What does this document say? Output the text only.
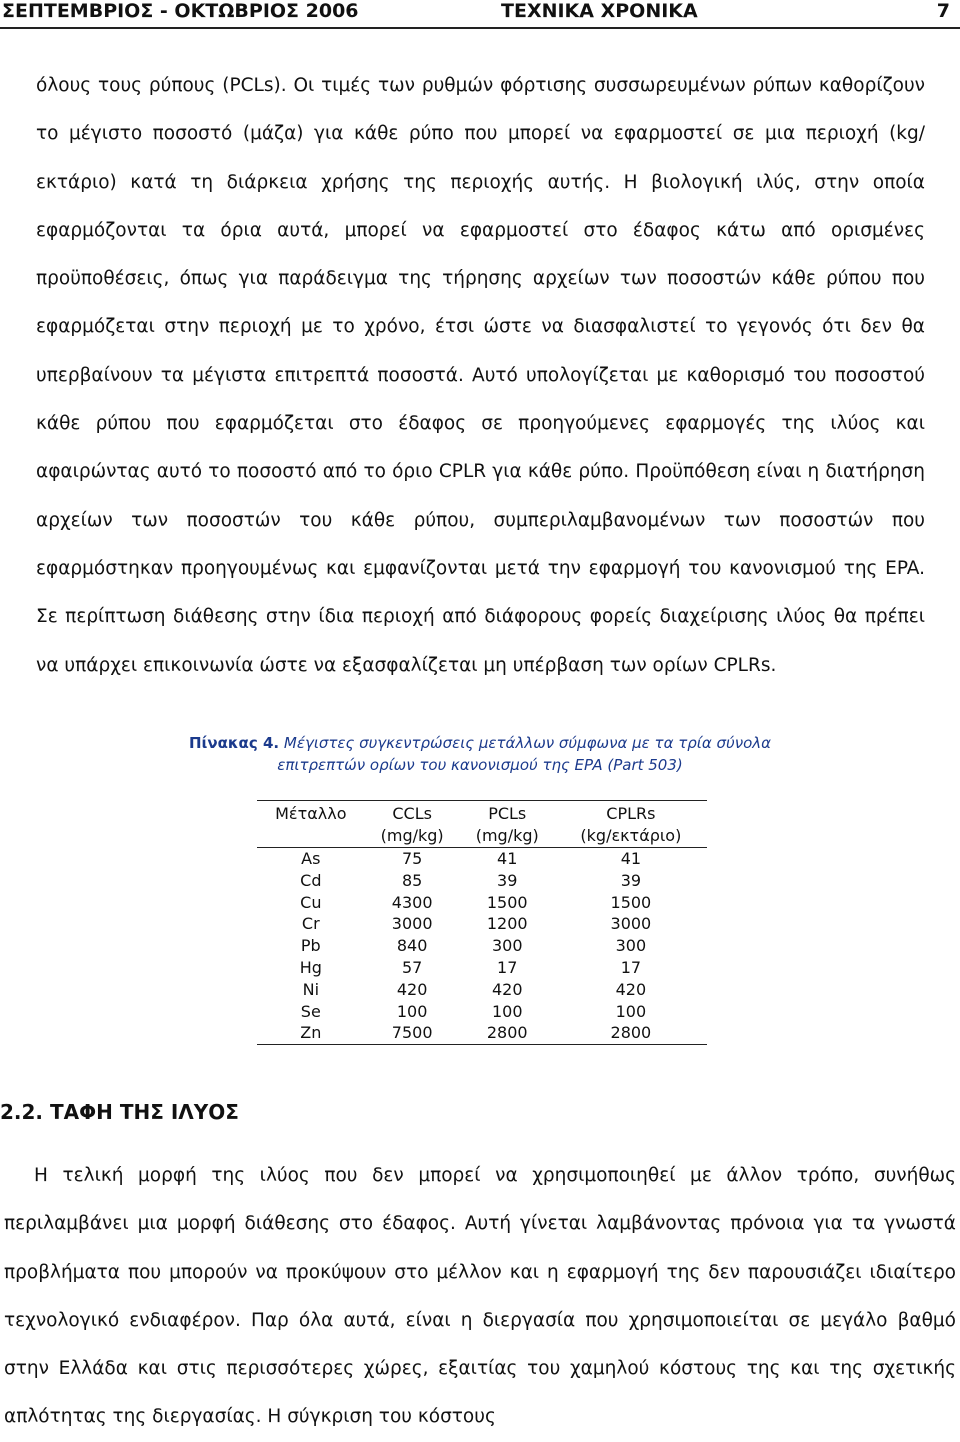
ΣΕΠΤΕΜΒΡΙΟΣ - ΟΚΤΩΒΡΙΟΣ 2006	ΤΕΧΝΙΚΑ ΧΡΟΝΙΚΑ	7

όλους τους ρύπους (PCLs). Οι τιμές των ρυθμών φόρτισης συσσωρευμένων ρύπων καθορίζουν το μέγιστο ποσοστό (μάζα) για κάθε ρύπο που μπορεί να εφαρμοστεί σε μια περιοχή (kg/εκτάριο) κατά τη διάρκεια χρήσης της περιοχής αυτής. Η βιολογική ιλύς, στην οποία εφαρμόζονται τα όρια αυτά, μπορεί να εφαρμοστεί στο έδαφος κάτω από ορισμένες προϋποθέσεις, όπως για παράδειγμα της τήρησης αρχείων των ποσοστών κάθε ρύπου που εφαρμόζεται στην περιοχή με το χρόνο, έτσι ώστε να διασφαλιστεί το γεγονός ότι δεν θα υπερβαίνουν τα μέγιστα επιτρεπτά ποσοστά. Αυτό υπολογίζεται με καθορισμό του ποσοστού κάθε ρύπου που εφαρμόζεται στο έδαφος σε προηγούμενες εφαρμογές της ιλύος και αφαιρώντας αυτό το ποσοστό από το όριο CPLR για κάθε ρύπο. Προϋπόθεση είναι η διατήρηση αρχείων των ποσοστών του κάθε ρύπου, συμπεριλαμβανομένων των ποσοστών που εφαρμόστηκαν προηγουμένως και εμφανίζονται μετά την εφαρμογή του κανονισμού της EPA. Σε περίπτωση διάθεσης στην ίδια περιοχή από διάφορους φορείς διαχείρισης ιλύος θα πρέπει να υπάρχει επικοινωνία ώστε να εξασφαλίζεται μη υπέρβαση των ορίων CPLRs.

Πίνακας 4. Μέγιστες συγκεντρώσεις μετάλλων σύμφωνα με τα τρία σύνολα
επιτρεπτών ορίων του κανονισμού της EPA (Part 503)
Μέταλλο	CCLs	PCLs	CPLRs
	(mg/kg)	(mg/kg)	(kg/εκτάριο)
As	75	41	41
Cd	85	39	39
Cu	4300	1500	1500
Cr	3000	1200	3000
Pb	840	300	300
Hg	57	17	17
Ni	420	420	420
Se	100	100	100
Zn	7500	2800	2800
2.2. ΤΑΦΗ ΤΗΣ ΙΛΥΟΣ

Η τελική μορφή της ιλύος που δεν μπορεί να χρησιμοποιηθεί με άλλον τρόπο, συνήθως περιλαμβάνει μια μορφή διάθεσης στο έδαφος. Αυτή γίνεται λαμβάνοντας πρόνοια για τα γνωστά προβλήματα που μπορούν να προκύψουν στο μέλλον και η εφαρμογή της δεν παρουσιάζει ιδιαίτερο τεχνολογικό ενδιαφέρον. Παρ όλα αυτά, είναι η διεργασία που χρησιμοποιείται σε μεγάλο βαθμό στην Ελλάδα και στις περισσότερες χώρες, εξαιτίας του χαμηλού κόστους της και της σχετικής απλότητας της διεργασίας. Η σύγκριση του κόστους
